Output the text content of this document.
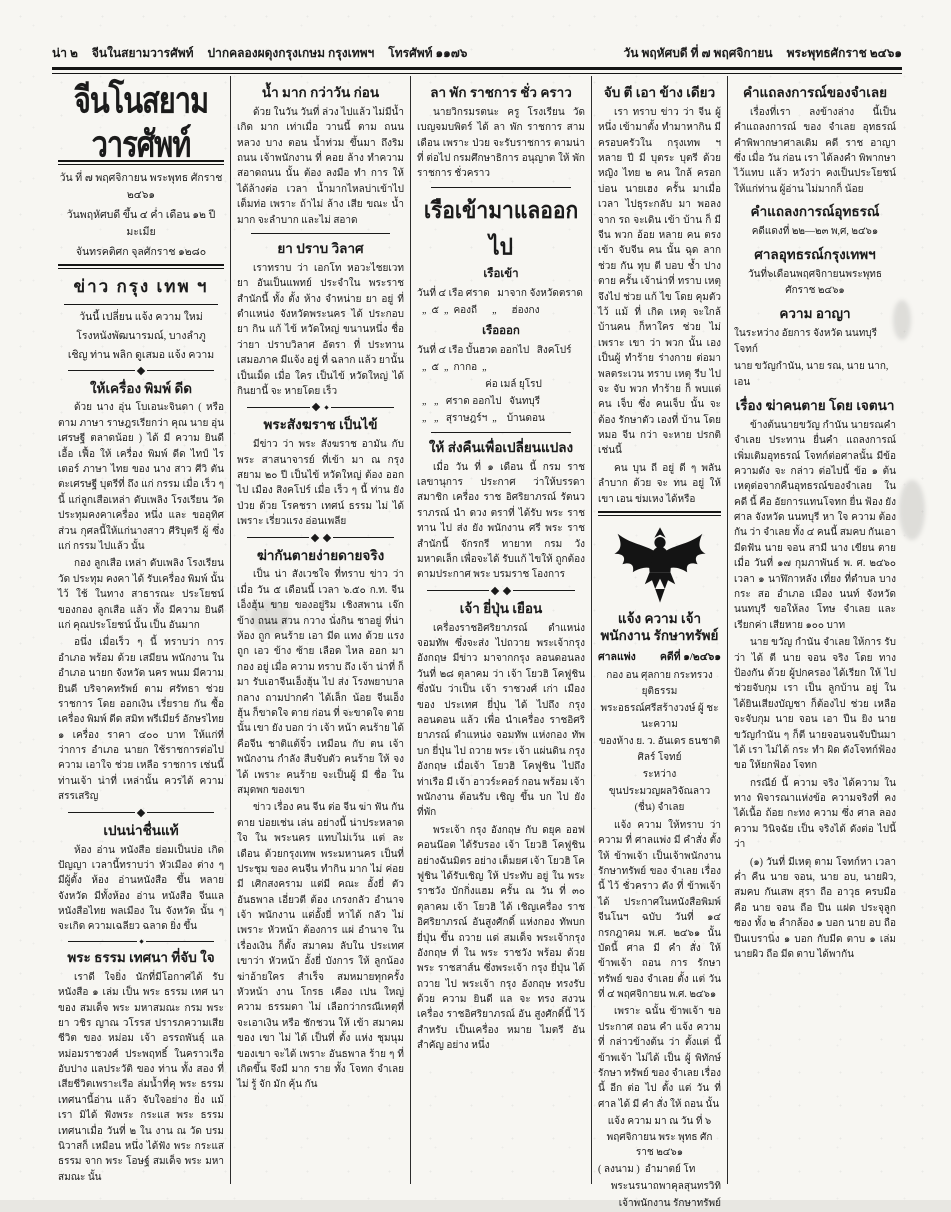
น่า ๒ จีนในสยามวารศัพท์ ปากคลองผดุงกรุงเกษม กรุงเทพฯ โทรศัพท์ ๑๑๗๖	วัน พฤหัศบดี ที่ ๗ พฤศจิกายน พระพุทธศักราช ๒๔๖๑
จีนโนสยามวารศัพท์

วัน ที่ ๗ พฤศจิกายน พระพุทธ ศักราช ๒๔๖๑

วันพฤหัศบดี ขึ้น ๔ ค่ำ เดือน ๑๒ ปีมะเมีย

จันทรคติศก จุลศักราช ๑๒๘๐

ข่าว กรุง เทพ ฯ

วันนี้ เปลี่ยน แจ้ง ความ ใหม่

โรงหนังพัฒนารมณ์, บางลำภู

เชิญ ท่าน พลิก ดูเสมอ แจ้ง ความ

ให้เครื่อง พิมพ์ ดีด

ด้วย นาง อุ่น โบเอนะจินดา ( หรือตาม ภาษา ราษฎรเรียกว่า คุณ นาย อุ่น เศรษฐี ตลาดน้อย ) ได้ มี ความ ยินดี เอื้อ เฟื้อ ให้ เครื่อง พิมพ์ ดีด ไทป์ ไร เตอร์ ภาษา ไทย ของ นาง สาว ศีวิ ตันตะเศรษฐี บุตรีที่ ถึง แก่ กรรม เมื่อ เร็ว ๆ นี้ แก่ลูกเสือเหล่า ดับเพลิง โรงเรียน วัด ประทุมคงคาเครื่อง หนึ่ง และ ขออุทิศ ส่วน กุศลนี้ให้แก่นางสาว ศีริบุตรี ผู้ ซึ่งแก่ กรรม ไปแล้ว นั้น

กอง ลูกเสือ เหล่า ดับเพลิง โรงเรียน วัด ประทุม คงคา ได้ รับเครื่อง พิมพ์ นั้น ไว้ ใช้ ในทาง สาธารณะ ประโยชน์ของกอง ลูกเสือ แล้ว ทั้ง มีความ ยินดี แก่ คุณประโยชน์ นั้น เป็น อันมาก

อนึ่ง เมื่อเร็ว ๆ นี้ ทราบว่า การอำเภอ พร้อม ด้วย เสมียน พนักงาน ในอำเภอ นายก จังหวัด นคร พนม มีความยินดี บริจาคทรัพย์ ตาม ศรัทธา ช่วย ราชการ โดย ออกเงิน เรี่ยราย กัน ซื้อ เครื่อง พิมพ์ ดีด สมิท พรีเมียร์ อักษรไทย ๑ เครื่อง ราคา ๔๐๐ บาท ให้แก่ที่ ว่าการ อำเภอ นายก ใช้ราชการต่อไป ความ เอาใจ ช่วย เหลือ ราชการ เช่นนี้ ท่านเจ้า น่าที่ เหล่านั้น ควรได้ ความ สรรเสริญ

เปนน่าชื่นแท้

ห้อง อ่าน หนังสือ ย่อมเป็นบ่อ เกิดปัญญา เวลานี้ทราบว่า หัวเมือง ต่าง ๆ มีผู้ตั้ง ห้อง อ่านหนังสือ ขึ้น หลาย จังหวัด มีทั้งห้อง อ่าน หนังสือ จีนแล หนังสือไทย พลเมือง ใน จังหวัด นั้น ๆ จะเกิด ความเฉลียว ฉลาด ยิ่ง ขึ้น

พระ ธรรม เทศนา ที่จับ ใจ

เราดี ใจยิ่ง นักที่มีโอกาศได้ รับหนังสือ ๑ เล่ม เป็น พระ ธรรม เทศ นา ของ สมเด็จ พระ มหาสมณะ กรม พระ ยา วชิร ญาณ วโรรส ปรารภความเสียชีวิต ของ หม่อม เจ้า อรรถพันธุ์ แลหม่อมราชวงศ์ ประพฤทธิ์ ในคราวเรือ อับปาง แลประวัติ ของ ท่าน ทั้ง สอง ที่เสียชีวิตเพราะเรือ ล่มน้ำที่คุ พระ ธรรม เทศนานี้อ่าน แล้ว จับใจอย่าง ยิ่ง แม้ เรา มิได้ ฟังพระ กระแส พระ ธรรม เทศนาเมื่อ วันที่ ๒ ใน งาน ณ วัด บรมนิวาสก็ เหมือน หนึ่ง ได้ฟัง พระ กระแส ธรรม จาก พระ โอษฐ์ สมเด็จ พระ มหา สมณะ นั้น

น้ำ มาก กว่าวัน ก่อน

ด้วย ในวัน วันที่ ล่วง ไปแล้ว ไม่มีน้ำเกิด มาก เท่าเมื่อ วานนี้ ตาม ถนน หลวง บาง ตอน น้ำท่วม ขึ้นมา ถึงริม ถนน เจ้าพนักงาน ที่ คอย ล้าง ทำความสอาดถนน นั้น ต้อง ลงมือ ทำ การ ให้ ได้ล้างต่อ เวลา น้ำมากไหลบ่าเข้าไปเต็มท่อ เพราะ ถ้าไม่ ล้าง เสีย ขณะ น้ำมาก จะลำบาก และไม่ สอาด

ยา ปราบ วิลาศ

เราทราบ ว่า เอกโท หอวะไชยเวทยา อันเป็นแพทย์ ประจำใน พระราชสำนักนี้ ทั้ง ตั้ง ห้าง จำหน่าย ยา อยู่ ที่ ตำเเหน่ง จังหวัดพระนคร ได้ ประกอบ ยา กิน แก้ ไข้ หวัดใหญ่ ขนานหนึ่ง ชื่อว่ายา ปราบวิลาศ อัตรา ที่ ประทาน เสมอภาค มีแจ้ง อยู่ ที่ ฉลาก แล้ว ยานั้น เป็นเม็ด เมื่อ ใคร เป็นไข้ หวัดใหญ่ ได้กินยานี้ จะ หายโดย เร็ว

พระสังฆราช เป็นไข้

มีข่าว ว่า พระ สังฆราช อามัน กับ พระ สาสนาจารย์ ที่เข้า มา ณ กรุงสยาม ๒๐ ปี เป็นไข้ หวัดใหญ่ ต้อง ออกไป เมือง สิงคโปร์ เมื่อ เร็ว ๆ นี้ ท่าน ยัง ป่วย ด้วย โรคชรา เทศน์ ธรรม ไม่ ได้ เพราะ เรี่ยวแรง อ่อนเพลีย

ฆ่ากันตายง่ายดายจริง

เป็น น่า สังเวชใจ ที่ทราบ ข่าว ว่า เมื่อ วัน ๕ เดือนนี้ เวลา ๖.๕๐ ก.ท. จีนเอ็งฮุ้น ขาย ของอยู่ริม เชิงสพาน เจ๊ก ข้าง ถนน สวน กวาง นั่งกิน ชาอยู่ ที่น่าห้อง ถูก คนร้าย เอา มีด แทง ด้วย แรง ถูก เอว ข้าง ซ้าย เลือด ไหล ออก มา กอง อยู่ เมื่อ ความ ทราบ ถึง เจ้า น่าที่ ก็ มา รับเอาจีนเอ็งฮุ้น ไป ส่ง โรงพยาบาล กลาง ถามปากคำ ได้เล็ก น้อย จีนเอ็งฮุ้น ก็ขาดใจ ตาย ก่อน ที่ จะขาดใจ ตาย นั้น เขา ยัง บอก ว่า เจ้า หน้า คนร้าย ได้ คือจีน ชาติแต้จิ๋ว เหมือน กับ ตน เจ้าพนักงาน กำลัง สืบจับตัว คนร้าย ให้ จงได้ เพราะ คนร้าย จะเป็นผู้ มี ชื่อ ใน สมุดพก ของเขา

ข่าว เรื่อง คน จีน ต่อ จีน ฆ่า ฟัน กัน ตาย บ่อยเช่น เล่น อย่างนี้ น่าประหลาดใจ ใน พระนคร แทบไม่เว้น แต่ ละ เดือน ด้วยกรุงเทพ พระมหานคร เป็นที่ประชุม ของ คนจีน ทำกิน มาก ไม่ ค่อย มี เศิกสงคราม แต่มี คณะ อั้งยี่ ตัวอันธพาล เอี่ยวตี ต้อง เกรงกลัว อำนาจ เจ้า พนักงาน แต่อั้งยี่ หาได้ กลัว ไม่ เพราะ หัวหน้า ต้องการ แผ่ อำนาจ ในเรื่องเงิน ก็ตั้ง สมาคม ลับใน ประเทศ เขาว่า หัวหน้า อั้งยี่ บังการ ให้ ลูกน้อง ฆ่าอ้ายใคร สำเร็จ สมหมายทุกครั้ง หัวหน้า งาน โกรธ เคือง เปน ใหญ่ ความ ธรรมดา ไม่ เลือกว่ากรณีเหตุที่ จะเอาเงิน หรือ ชักชวน ให้ เข้า สมาคม ของ เขา ไม่ ได้ เป็นที่ ตั้ง แห่ง ชุมนุม ของเขา จะได้ เพราะ อันธพาล ร้าย ๆ ที่ เกิดขึ้น จึงมี มาก ราย ทั้ง โจทก จำเลย ไม่ รู้ จัก มัก คุ้น กัน

ลา พัก ราชการ ชั่ว คราว

นายวิกรมรตนะ ครู โรงเรียน วัด เบญจมบพิตร์ ได้ ลา พัก ราชการ สามเดือน เพราะ ป่วย จะรับราชการ ตามน่าที่ ต่อไป กรมศึกษาธิการ อนุญาต ให้ พัก ราชการ ชั่วคราว

เรือเข้ามาแลออกไป

เรือเข้า

วันที่ ๔ เรือ ศราด   มาจาก จังหวัดตราด

„  ๕  „  คองถี      „      ฮ่องกง

เรือออก

วันที่ ๔ เรือ บั้นฮวด ออกไป   สิงคโปร์

„  ๕  „  กากอ  „

ค่อ เมล์ ยุโรป

„   „   ศราด ออกไป   จันทบุรี

„   „   สุราษฎร์ฯ  „    บ้านดอน

ให้ ส่งคืนเพื่อเปลี่ยนแปลง

เมื่อ วัน ที่ ๑ เดือน นี้ กรม ราชเลขานุการ ประกาศ ว่าให้บรรดา สมาชิก เครื่อง ราช อิศริยาภรณ์ รัตนวราภรณ์ นำ ดวง ตราที่ ได้รับ พระ ราชทาน ไป ส่ง ยัง พนักงาน ศรี พระ ราชสำนักนี้ จักรกรี ทายาท กรม วัง มหาดเล็ก เพื่อจะได้ รับแก้ ไขให้ ถูกต้อง ตามประกาศ พระ บรมราช โองการ

เจ้า ยี่ปุ่น เยือน

เครื่องราชอิศริยาภรณ์ ตำแหน่ง จอมทัพ ซึ่งจะส่ง ไปถวาย พระเจ้ากรุงอังกฤษ มีข่าว มาจากกรุง ลอนดอนลงวันที่ ๒๘ ตุลาคม ว่า เจ้า โยวฮิ โคฟูชิน ซึ่งนับ ว่าเป็น เจ้า ราชวงศ์ เก่า เมือง ของ ประเทศ ยี่ปุ่น ได้ ไปถึง กรุง ลอนดอน แล้ว เพื่อ นำเครื่อง ราชอิศริยาภรณ์ ตำแหน่ง จอมทัพ แห่งกอง ทัพบก ยี่ปุ่น ไป ถวาย พระ เจ้า แผ่นดิน กรุงอังกฤษ เมื่อเจ้า โยวฮิ โคฟูชิน ไปถึง ท่าเรือ มี เจ้า อาวร์ะคอร์ กอน พร้อม เจ้าพนักงาน ต้อนรับ เชิญ ขึ้น บก ไป ยัง ที่พัก

พระเจ้า กรุง อังกฤษ กับ ดยุค ออฟคอนน๊อต ได้รับรอง เจ้า โยวฮิ โคฟูชิน อย่างฉันมิตร อย่าง เต็มยศ เจ้า โยวฮิ โคฟูชิน ได้รับเชิญ ให้ ประทับ อยู่ ใน พระ ราชวัง บักกิ่งแฮม ครั้น ณ วัน ที่ ๓๐ ตุลาคม เจ้า โยวฮิ ได้ เชิญเครื่อง ราชอิศริยาภรณ์ อันสูงศักดิ์ แห่งกอง ทัพบก ยี่ปุ่น ขึ้น ถวาย แด่ สมเด็จ พระเจ้ากรุงอังกฤษ ที่ ใน พระ ราชวัง พร้อม ด้วย พระ ราชสาส์น ซึ่งพระเจ้า กรุง ยี่ปุ่น ได้ ถวาย ไป พระเจ้า กรุง อังกฤษ ทรงรับ ด้วย ความ ยินดี แล จะ ทรง สงวน เครื่อง ราชอิศริยาภรณ์ อัน สูงศักดิ์นี้ ไว้ สำหรับ เป็นเครื่อง หมาย ไมตรี อัน สำคัญ อย่าง หนึ่ง

จับ ตี เอา ข้าง เดียว

เรา ทราบ ข่าว ว่า จีน ผู้หนึ่ง เข้ามาตั้ง ทำมาหากิน มีครอบครัวใน กรุงเทพ ฯ หลาย ปี มี บุตระ บุตรี ด้วย หญิง ไทย ๒ คน ใกล้ ครอกบ่อน นายเฮง ครั้น มาเมื่อ เวลา ไปธุระกลับ มา พอลงจาก รถ จะเดิน เข้า บ้าน ก็ มี จีน พวก อ้อย หลาย คน ตรง เข้า จับจีน คน นั้น ฉุด ลาก ช่วย กัน ทุบ ตี บอบ ช้ำ ปาง ตาย ครั้น เจ้าน่าที่ ทราบ เหตุ จึงไป ช่วย แก้ ไข โดย คุมตัวไว้ แม้ ที่ เกิด เหตุ จะใกล้ บ้านคน ก็หาใคร ช่วย ไม่ เพราะ เขา ว่า พวก นั้น เอง เป็นผู้ ทำร้าย ร่างกาย ต่อมา พลตระเวน ทราบ เหตุ รีบ ไป จะ จับ พวก ทำร้าย ก็ พบแต่ คน เจ็บ ซึ่ง คนเจ็บ นั้น จะต้อง รักษาตัว เองที่ บ้าน โดย หมอ จีน กว่า จะหาย ปรกติ เช่นนี้

คน บุน ถี อยู่ ดี ๆ พลัน ลำบาก ด้วย จะ ทน อยู่ ให้ เขา เอน ข่มเหง ได้หรือ

แจ้ง ความ เจ้าพนักงาน รักษาทรัพย์
ศาลแพ่ง คดีที่ ๑/๒๔๖๑

กอง อน ศุลกาย กระทรวงยุติธรรม

พระอธรณ์ศรีสร้างวงษ์ ผู้ ชะนะความ

ของห้าง ย. ว. อันเดร ธนชาติศิลร์ โจทย์

ระหว่าง

ขุนประมวญผลวิจัณลาว (ชื่น) จำเลย

แจ้ง ความ ให้ทราบ ว่า ความ ที่ ศาลแพ่ง มี คำสั่ง ตั้งให้ ข้าพเจ้า เป็นเจ้าพนักงานรักษาทรัพย์ ของ จำเลย เรื่อง นี้ ไว้ ชั่วคราว ดัง ที่ ข้าพเจ้าได้ ประกาศในหนังสือพิมพ์ จีนโนฯ ฉบับ วันที่ ๑๔ กรกฎาคม พ.ศ. ๒๔๖๑ นั้น บัดนี้ ศาล มี คำ สั่ง ให้ ข้าพเจ้า ถอน การ รักษา ทรัพย์ ของ จำเลย ตั้ง แต่ วันที่ ๔ พฤศจิกายน พ.ศ. ๒๔๖๑

เพราะ ฉนั้น ข้าพเจ้า ขอ ประกาศ ถอน คำ แจ้ง ความ ที่ กล่าวข้างต้น ว่า ตั้งแต่ นี้ ข้าพเจ้า ไม่ได้ เป็น ผู้ พิทักษ์ รักษา ทรัพย์ ของ จำเลย เรื่อง นี้ อีก ต่อ ไป ตั้ง แต่ วัน ที่ ศาล ได้ มี คำ สั่ง ให้ ถอน นั้น

แจ้ง ความ มา ณ วัน ที่ ๖ พฤศจิกายน พระ พุทธ ศัก ราช ๒๔๖๑

( ลงนาม )  อำมาตย์ โท

พระนรนาถพาคุลสุนทรวิทิ

เจ้าพนักงาน รักษาทรัพย์

คำแถลงการณ์ของจำเลย

เรื่องที่เรา ลงข้างล่าง นี้เป็นคำแถลงการณ์ ของ จำเลย อุทธรณ์ คำพิพากษาศาลเดิม คดี ราช อาญา ซึ่ง เมื่อ วัน ก่อน เรา ได้ลงคำ พิพากษา ไว้แทบ แล้ว หวังว่า คงเป็นประโยชน์ ให้แก่ท่าน ผู้อ่าน ไม่มากก็ น้อย

คำแถลงการณ์อุทธรณ์

คดีแดงที่ ๒๒—๒๓ พ,ศ, ๒๔๖๑

ศาลอุทธรณ์กรุงเทพฯ

วันที่๖เดือนพฤศจิกายนพระพุทธศักราช ๒๔๖๑

ความ อาญา

ในระหว่าง อัยการ จังหวัด นนทบุรี โจทก์

นาย ขวัญกำนัน, นาย รณ, นาย นาก, เอน

เรื่อง ฆ่าคนตาย โดย เจตนา

ข้างต้นนายขวัญ กำนัน นายรณคำ จำเลย ประทาน ยื่นคำ แถลงการณ์ เพิ่มเติมอุทธรณ์ โจทก์ต่อศาลนั้น มีข้อ ความดัง จะ กล่าว ต่อไปนี้ ข้อ ๑ ต้นเหตุต่อจากคืนอุทธรณ์ของจำเลย ในคดี นี้ คือ อัยการแทนโจทก ยื่น ฟ้อง ยังศาล จังหวัด นนทบุรี หา ใจ ความ ต้อง กัน ว่า จำเลย ทั้ง ๔ คนนี้ สมคบ กันเอา มีดฟัน นาย จอน สามี นาง เขียน ตาย เมื่อ วันที่ ๑๗ กุมภาพันธ์ พ. ศ. ๒๔๖๐ เวลา ๑ นาฬิกาหลัง เที่ยง ที่ตำบล บาง กระ สอ อำเภอ เมือง นนท์ จังหวัด นนทบุรี ขอให้ลง โทษ จำเลย และ เรียกค่า เสียหาย ๑๐๐ บาท

นาย ขวัญ กำนัน จำเลย ให้การ รับว่า ได้ ตี นาย จอน จริง โดย ทางป้องกัน ด้วย ผู้ปกครอง ได้เรียก ให้ ไปช่วยจับกุม เรา เป็น ลูกบ้าน อยู่ ใน ได้ยินเสียงบัญชา ก็ต้องไป ช่วย เหลือจะจับกุม นาย จอน เอา ปืน ยิง นายขวัญกำนัน ๆ ก็ตี นายจอนจนจับปืนมา ได้ เรา ไม่ได้ กระ ทำ ผิด ดังโจทก์ฟ้อง ขอ ให้ยกฟ้อง โจทก

กรณีย์ นี้ ความ จริง ได้ความ ใน ทาง พิจารณาแห่งข้อ ความจริงที่ คงได้เนื้อ ถ้อย กะทง ความ ซึ่ง ศาล ลอง ความ วินิจฉัย เป็น จริงได้ ดังต่อ ไปนี้ ว่า

(๑) วันที่ มีเหตุ ตาม โจทก์หา เวลา ค่ำ คืน นาย จอน, นาย อบ, นายผิว, สมคบ กันเสพ สุรา ถือ อาวุธ ครบมือ คือ นาย จอน ถือ ปืน แฝด ประจุลูก ซอง ทั้ง ๒ ลำกล้อง ๑ บอก นาย อบ ถือปืนเบรานิ่ง ๑ บอก กับมีด ตาบ ๑ เล่ม นายผิว ถือ มีด ตาบ ได้พากัน
